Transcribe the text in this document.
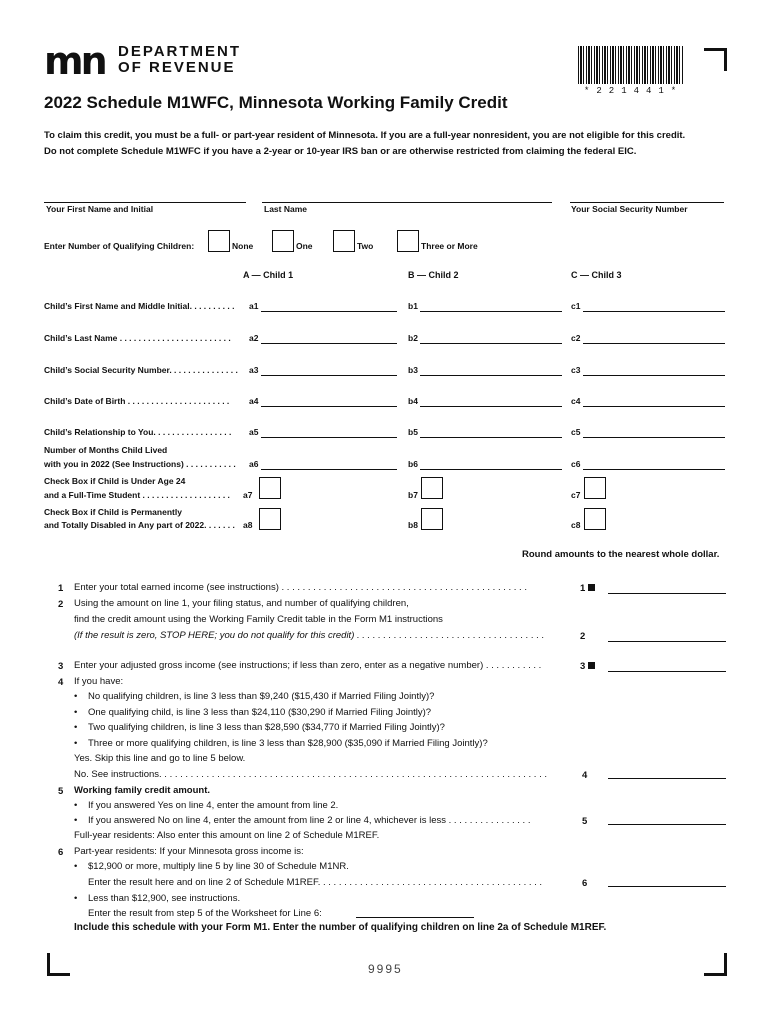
mn DEPARTMENT
OF REVENUE
*221441*
2022 Schedule M1WFC, Minnesota Working Family Credit
To claim this credit, you must be a full- or part-year resident of Minnesota. If you are a full-year nonresident, you are not eligible for this credit.
Do not complete Schedule M1WFC if you have a 2-year or 10-year IRS ban or are otherwise restricted from claiming the federal EIC.
Your First Name and Initial	Last Name	Your Social Security Number
Enter Number of Qualifying Children:	None	One	Two	Three or More
A — Child 1	B — Child 2	C — Child 3
Child’s First Name and Middle Initial. . . . . . . . . . a1	b1	c1
Child’s Last Name . . . . . . . . . . . . . . . . . . . . . . . . a2	b2	c2
Child’s Social Security Number. . . . . . . . . . . . . . . a3	b3	c3
Child’s Date of Birth . . . . . . . . . . . . . . . . . . . . . . a4	b4	c4
Child’s Relationship to You. . . . . . . . . . . . . . . . . a5	b5	c5
Number of Months Child Lived
with you in 2022 (See Instructions) . . . . . . . . . . . a6	b6	c6
Check Box if Child is Under Age 24
and a Full-Time Student . . . . . . . . . . . . . . . . . . . a7	b7	c7
Check Box if Child is Permanently
and Totally Disabled in Any part of 2022. . . . . . . a8	b8	c8
Round amounts to the nearest whole dollar.
1 Enter your total earned income (see instructions) . . . . . . . . . . . . . . . . . . . . . . . . . . . . . . . . . . . . . . . . . . . . . . .	1
2 Using the amount on line 1, your filing status, and number of qualifying children,
find the credit amount using the Working Family Credit table in the Form M1 instructions
(If the result is zero, STOP HERE; you do not qualify for this credit) . . . . . . . . . . . . . . . . . . . . . . . . . . . . . . . . . . . .	2
3 Enter your adjusted gross income (see instructions; if less than zero, enter as a negative number) . . . . . . . . . . .	3
4 If you have:
• No qualifying children, is line 3 less than $9,240 ($15,430 if Married Filing Jointly)?
• One qualifying child, is line 3 less than $24,110 ($30,290 if Married Filing Jointly)?
• Two qualifying children, is line 3 less than $28,590 ($34,770 if Married Filing Jointly)?
• Three or more qualifying children, is line 3 less than $28,900 ($35,090 if Married Filing Jointly)?
Yes. Skip this line and go to line 5 below.
No. See instructions. . . . . . . . . . . . . . . . . . . . . . . . . . . . . . . . . . . . . . . . . . . . . . . . . . . . . . . . . . . . . . . . . . . . . . . . . .	4
5 Working family credit amount.
• If you answered Yes on line 4, enter the amount from line 2.
• If you answered No on line 4, enter the amount from line 2 or line 4, whichever is less . . . . . . . . . . . . . . . .	5
Full-year residents: Also enter this amount on line 2 of Schedule M1REF.
6 Part-year residents: If your Minnesota gross income is:
• $12,900 or more, multiply line 5 by line 30 of Schedule M1NR.
Enter the result here and on line 2 of Schedule M1REF. . . . . . . . . . . . . . . . . . . . . . . . . . . . . . . . . . . . . . . . . . .	6
• Less than $12,900, see instructions.
Enter the result from step 5 of the Worksheet for Line 6:
Include this schedule with your Form M1. Enter the number of qualifying children on line 2a of Schedule M1REF.
9995
